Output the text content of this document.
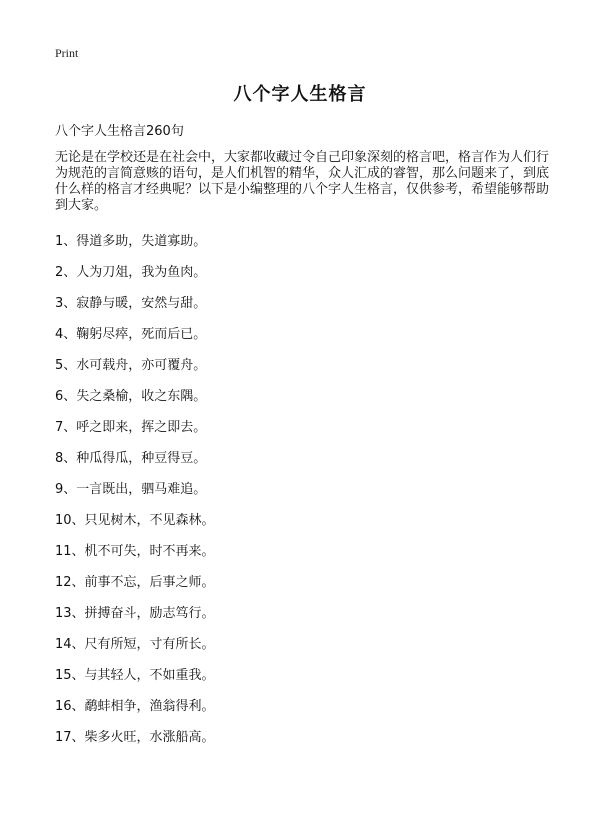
Print
八个字人生格言
八个字人生格言260句
无论是在学校还是在社会中，大家都收藏过令自己印象深刻的格言吧，格言作为人们行为规范的言简意赅的语句，是人们机智的精华，众人汇成的睿智，那么问题来了，到底什么样的格言才经典呢？以下是小编整理的八个字人生格言，仅供参考，希望能够帮助到大家。
1、得道多助，失道寡助。
2、人为刀俎，我为鱼肉。
3、寂静与暖，安然与甜。
4、鞠躬尽瘁，死而后已。
5、水可载舟，亦可覆舟。
6、失之桑榆，收之东隅。
7、呼之即来，挥之即去。
8、种瓜得瓜，种豆得豆。
9、一言既出，驷马难追。
10、只见树木，不见森林。
11、机不可失，时不再来。
12、前事不忘，后事之师。
13、拼搏奋斗，励志笃行。
14、尺有所短，寸有所长。
15、与其轻人，不如重我。
16、鹬蚌相争，渔翁得利。
17、柴多火旺，水涨船高。
